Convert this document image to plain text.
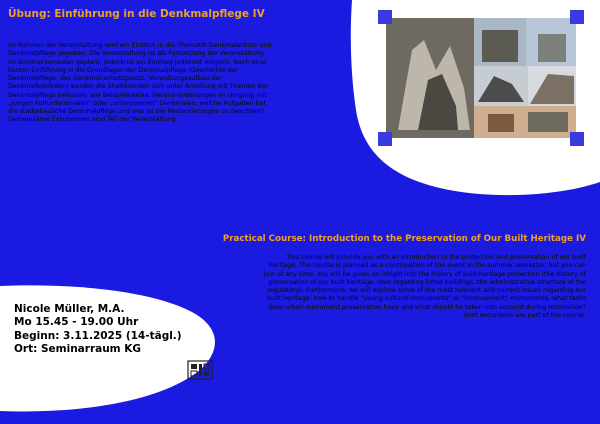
Übung: Einführung in die Denkmalpflege IV

Im Rahmen der Veranstaltung wird ein Einblick in die Thematik Denkmalschutz und Denkmalpflege gegeben. Die Veranstaltung ist als Fortsetzung der Veranstaltung im Sommersemester geplant, jedoch ist ein Einstieg jederzeit möglich. Nach einer kurzen Einführung in die Grundlagen der Denkmalpflege (Geschichte der Denkmalpflege, des Denkmal-schutzgesetz, Verwaltungsaufbau der Denkmalbehörden) werden die Studierenden sich unter Anleitung mit Themen der Denkmalpflege befassen, wie beispielsweise: Heraus-forderungen im Umgang mit „jungen Kulturdenkmalen“ oder „unbequemen“ Denkmalen, welche Aufgaben hat die städtebauliche Denkmalpflege und was ist bei Restaurierungen zu beachten? Gemeinsame Exkursionen sind Teil der Veranstaltung.

Practical Course: Introduction to the Preservation of Our Built Heritage IV

This course will provide you with an introduction to the protection and preservation of our built heritage. The course is planned as a continuation of the event in the summer semester, but you can join at any time. You will be given an insight into the history of built heritage protection (the history of preservation of our built heritage, laws regarding listed buildings, the administrative structure of the regulatory). Furthermore, we will explore some of the most relevant and current issues regarding our built heritage: how to handle "young cultural monuments" or "inconvenient" monuments, what tasks does urban monument preservation have and what should be taken into account during restoration? Joint excursions are part of the course.

Nicole Müller, M.A.
Mo 15.45 - 19.00 Uhr
Beginn: 3.11.2025 (14-tägl.)
Ort: Seminarraum KG
